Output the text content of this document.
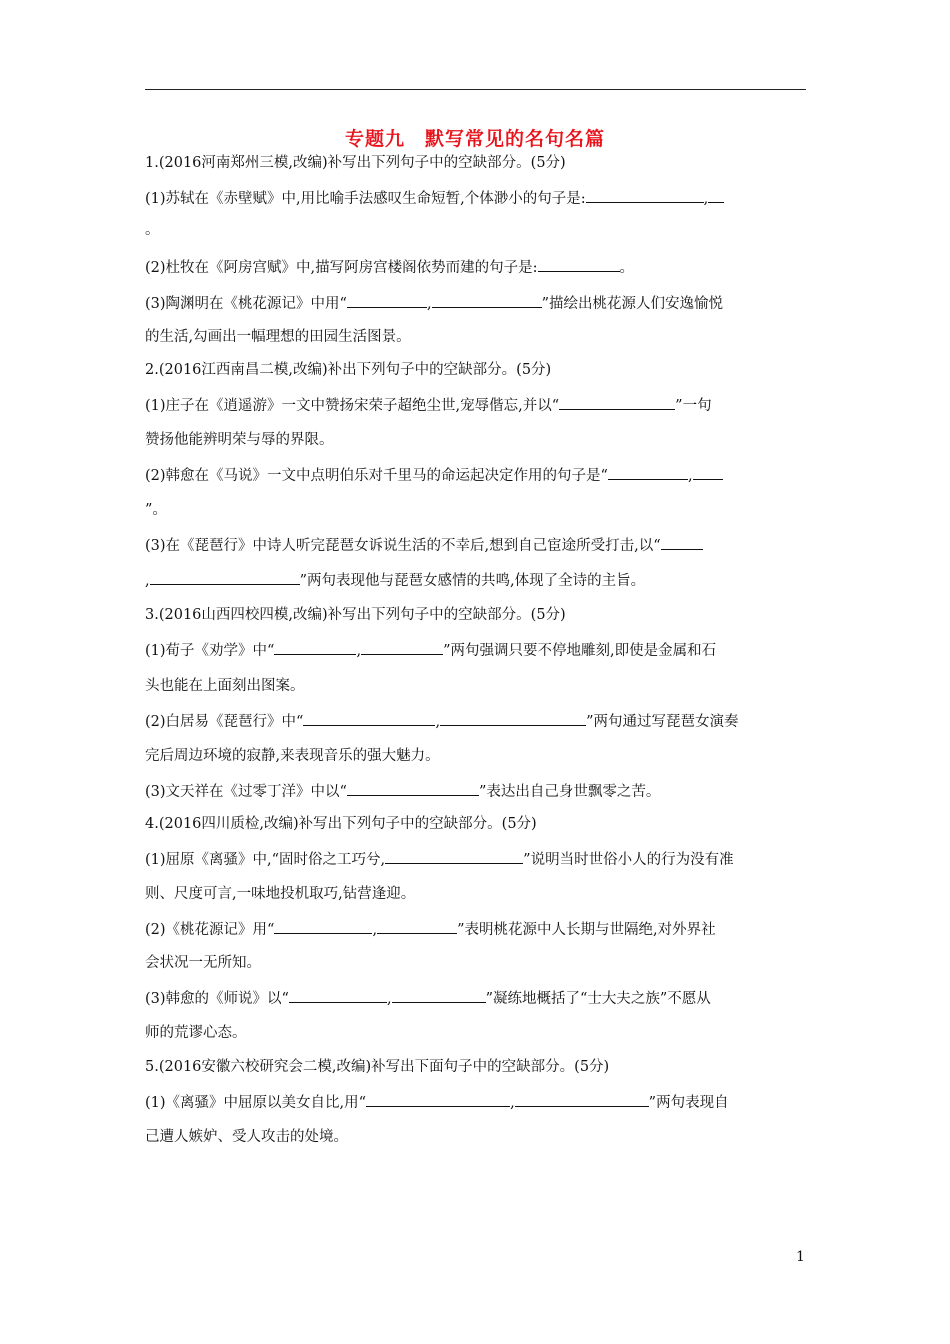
专题九　默写常见的名句名篇
1.(2016河南郑州三模,改编)补写出下列句子中的空缺部分。(5分)
(1)苏轼在《赤壁赋》中,用比喻手法感叹生命短暂,个体渺小的句子是:	,
。
(2)杜牧在《阿房宫赋》中,描写阿房宫楼阁依势而建的句子是:	。
(3)陶渊明在《桃花源记》中用“	,	”描绘出桃花源人们安逸愉悦
的生活,勾画出一幅理想的田园生活图景。
2.(2016江西南昌二模,改编)补出下列句子中的空缺部分。(5分)
(1)庄子在《逍遥游》一文中赞扬宋荣子超绝尘世,宠辱偕忘,并以“	”一句
赞扬他能辨明荣与辱的界限。
(2)韩愈在《马说》一文中点明伯乐对千里马的命运起决定作用的句子是“	,
”。
(3)在《琵琶行》中诗人听完琵琶女诉说生活的不幸后,想到自己宦途所受打击,以“
,	”两句表现他与琵琶女感情的共鸣,体现了全诗的主旨。
3.(2016山西四校四模,改编)补写出下列句子中的空缺部分。(5分)
(1)荀子《劝学》中“	,	”两句强调只要不停地雕刻,即使是金属和石
头也能在上面刻出图案。
(2)白居易《琵琶行》中“	,	”两句通过写琵琶女演奏
完后周边环境的寂静,来表现音乐的强大魅力。
(3)文天祥在《过零丁洋》中以“	”表达出自己身世飘零之苦。
4.(2016四川质检,改编)补写出下列句子中的空缺部分。(5分)
(1)屈原《离骚》中,“固时俗之工巧兮,	”说明当时世俗小人的行为没有准
则、尺度可言,一味地投机取巧,钻营逢迎。
(2)《桃花源记》用“	,	”表明桃花源中人长期与世隔绝,对外界社
会状况一无所知。
(3)韩愈的《师说》以“	,	”凝练地概括了“士大夫之族”不愿从
师的荒谬心态。
5.(2016安徽六校研究会二模,改编)补写出下面句子中的空缺部分。(5分)
(1)《离骚》中屈原以美女自比,用“	,	”两句表现自
己遭人嫉妒、受人攻击的处境。
1
